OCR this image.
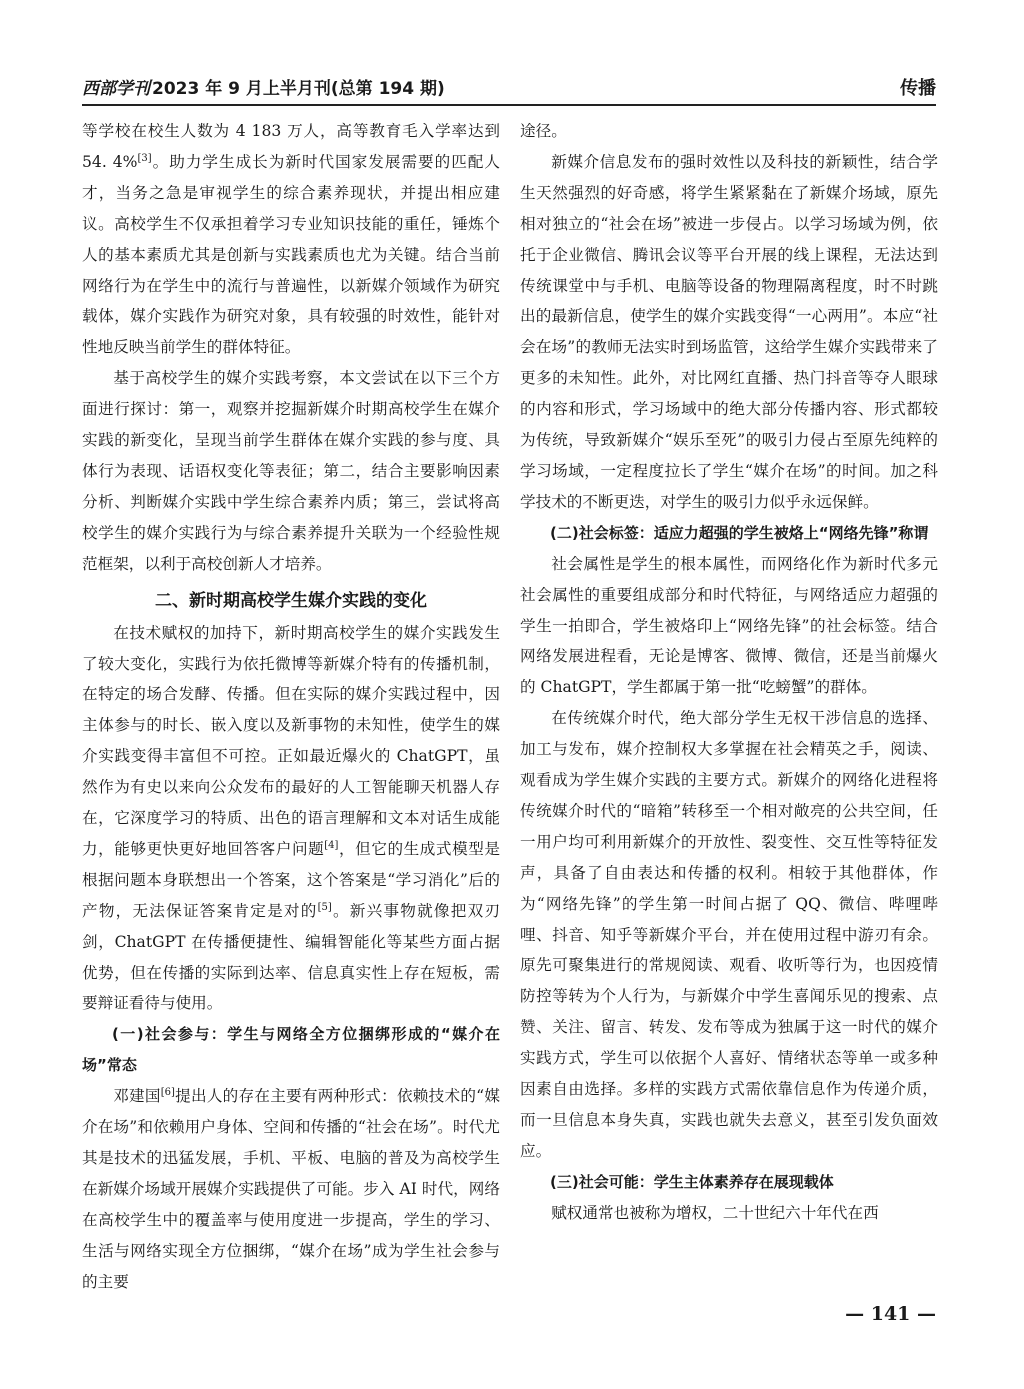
西部学刊 2023 年 9 月上半月刊(总第 194 期)	传播

等学校在校生人数为 4 183 万人，高等教育毛入学率达到 54. 4%[3]。助力学生成长为新时代国家发展需要的匹配人才，当务之急是审视学生的综合素养现状，并提出相应建议。高校学生不仅承担着学习专业知识技能的重任，锤炼个人的基本素质尤其是创新与实践素质也尤为关键。结合当前网络行为在学生中的流行与普遍性，以新媒介领域作为研究载体，媒介实践作为研究对象，具有较强的时效性，能针对性地反映当前学生的群体特征。

基于高校学生的媒介实践考察，本文尝试在以下三个方面进行探讨：第一，观察并挖掘新媒介时期高校学生在媒介实践的新变化，呈现当前学生群体在媒介实践的参与度、具体行为表现、话语权变化等表征；第二，结合主要影响因素分析、判断媒介实践中学生综合素养内质；第三，尝试将高校学生的媒介实践行为与综合素养提升关联为一个经验性规范框架，以利于高校创新人才培养。

二、新时期高校学生媒介实践的变化

在技术赋权的加持下，新时期高校学生的媒介实践发生了较大变化，实践行为依托微博等新媒介特有的传播机制，在特定的场合发酵、传播。但在实际的媒介实践过程中，因主体参与的时长、嵌入度以及新事物的未知性，使学生的媒介实践变得丰富但不可控。正如最近爆火的 ChatGPT，虽然作为有史以来向公众发布的最好的人工智能聊天机器人存在，它深度学习的特质、出色的语言理解和文本对话生成能力，能够更快更好地回答客户问题[4]，但它的生成式模型是根据问题本身联想出一个答案，这个答案是“学习消化”后的产物，无法保证答案肯定是对的[5]。新兴事物就像把双刃剑，ChatGPT 在传播便捷性、编辑智能化等某些方面占据优势，但在传播的实际到达率、信息真实性上存在短板，需要辩证看待与使用。

(一)社会参与：学生与网络全方位捆绑形成的“媒介在场”常态

邓建国[6]提出人的存在主要有两种形式：依赖技术的“媒介在场”和依赖用户身体、空间和传播的“社会在场”。时代尤其是技术的迅猛发展，手机、平板、电脑的普及为高校学生在新媒介场域开展媒介实践提供了可能。步入 AI 时代，网络在高校学生中的覆盖率与使用度进一步提高，学生的学习、生活与网络实现全方位捆绑，“媒介在场”成为学生社会参与的主要

途径。

新媒介信息发布的强时效性以及科技的新颖性，结合学生天然强烈的好奇感，将学生紧紧黏在了新媒介场域，原先相对独立的“社会在场”被进一步侵占。以学习场域为例，依托于企业微信、腾讯会议等平台开展的线上课程，无法达到传统课堂中与手机、电脑等设备的物理隔离程度，时不时跳出的最新信息，使学生的媒介实践变得“一心两用”。本应“社会在场”的教师无法实时到场监管，这给学生媒介实践带来了更多的未知性。此外，对比网红直播、热门抖音等夺人眼球的内容和形式，学习场域中的绝大部分传播内容、形式都较为传统，导致新媒介“娱乐至死”的吸引力侵占至原先纯粹的学习场域，一定程度拉长了学生“媒介在场”的时间。加之科学技术的不断更迭，对学生的吸引力似乎永远保鲜。

(二)社会标签：适应力超强的学生被烙上“网络先锋”称谓

社会属性是学生的根本属性，而网络化作为新时代多元社会属性的重要组成部分和时代特征，与网络适应力超强的学生一拍即合，学生被烙印上“网络先锋”的社会标签。结合网络发展进程看，无论是博客、微博、微信，还是当前爆火的 ChatGPT，学生都属于第一批“吃螃蟹”的群体。

在传统媒介时代，绝大部分学生无权干涉信息的选择、加工与发布，媒介控制权大多掌握在社会精英之手，阅读、观看成为学生媒介实践的主要方式。新媒介的网络化进程将传统媒介时代的“暗箱”转移至一个相对敞亮的公共空间，任一用户均可利用新媒介的开放性、裂变性、交互性等特征发声，具备了自由表达和传播的权利。相较于其他群体，作为“网络先锋”的学生第一时间占据了 QQ、微信、哔哩哔哩、抖音、知乎等新媒介平台，并在使用过程中游刃有余。原先可聚集进行的常规阅读、观看、收听等行为，也因疫情防控等转为个人行为，与新媒介中学生喜闻乐见的搜索、点赞、关注、留言、转发、发布等成为独属于这一时代的媒介实践方式，学生可以依据个人喜好、情绪状态等单一或多种因素自由选择。多样的实践方式需依靠信息作为传递介质，而一旦信息本身失真，实践也就失去意义，甚至引发负面效应。

(三)社会可能：学生主体素养存在展现载体

赋权通常也被称为增权，二十世纪六十年代在西

— 141 —
